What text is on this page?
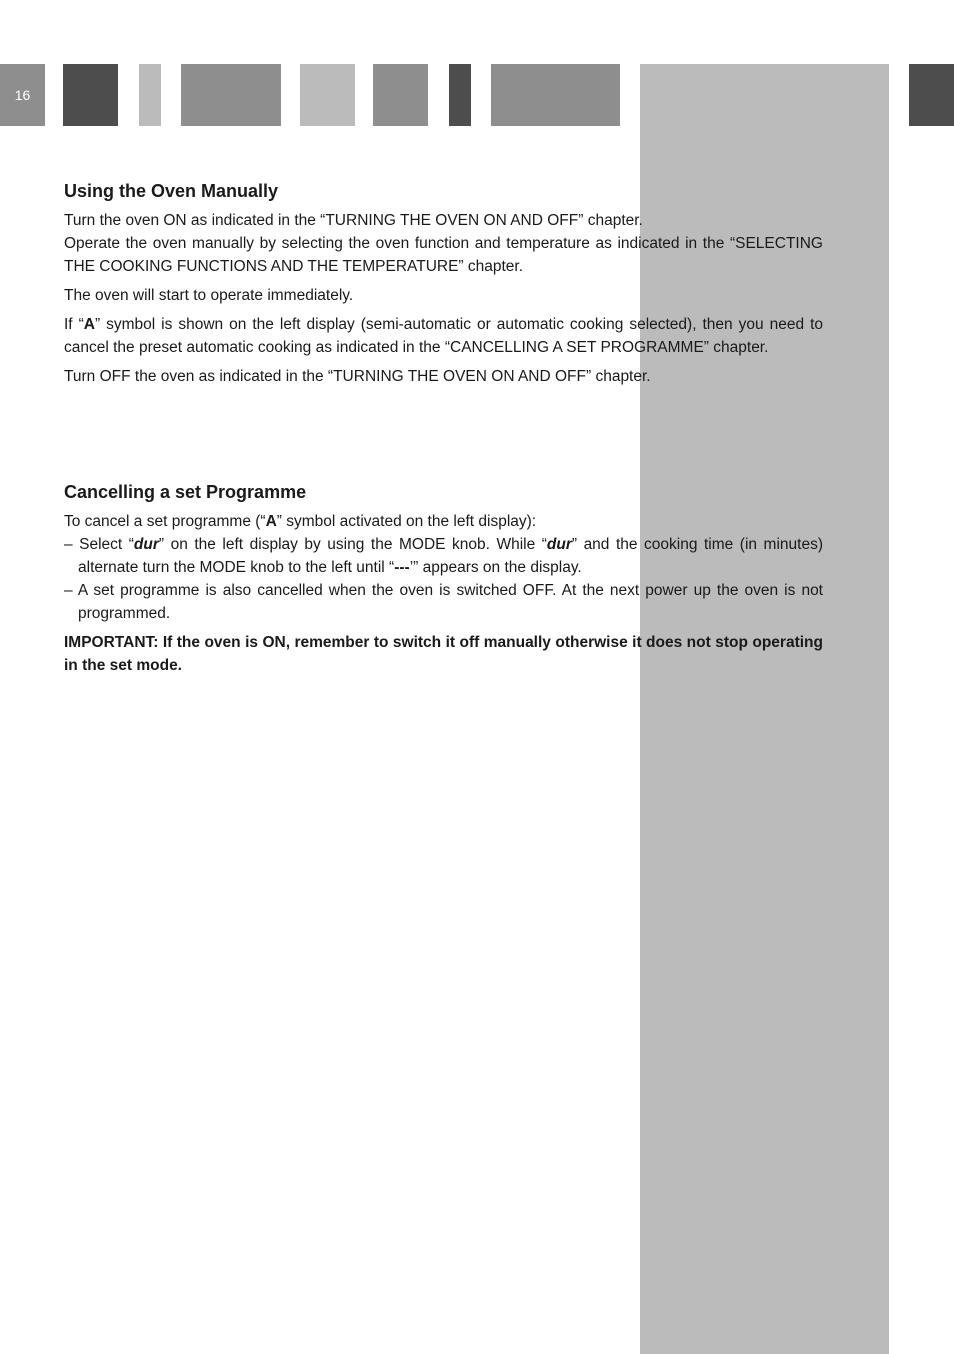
16
Using the Oven Manually

Turn the oven ON as indicated in the “TURNING THE OVEN ON AND OFF” chapter.
Operate the oven manually by selecting the oven function and temperature as indicated in the “SELECTING THE COOKING FUNCTIONS AND THE TEMPERATURE” chapter.

The oven will start to operate immediately.

If “A” symbol is shown on the left display (semi-automatic or automatic cooking selected), then you need to cancel the preset automatic cooking as indicated in the “CANCELLING A SET PROGRAMME” chapter.

Turn OFF the oven as indicated in the “TURNING THE OVEN ON AND OFF” chapter.

Cancelling a set Programme

To cancel a set programme (“A” symbol activated on the left display):

– Select “dur” on the left display by using the MODE knob. While “dur” and the cooking time (in minutes) alternate turn the MODE knob to the left until “---’” appears on the display.
– A set programme is also cancelled when the oven is switched OFF. At the next power up the oven is not programmed.

IMPORTANT: If the oven is ON, remember to switch it off manually otherwise it does not stop operating in the set mode.
